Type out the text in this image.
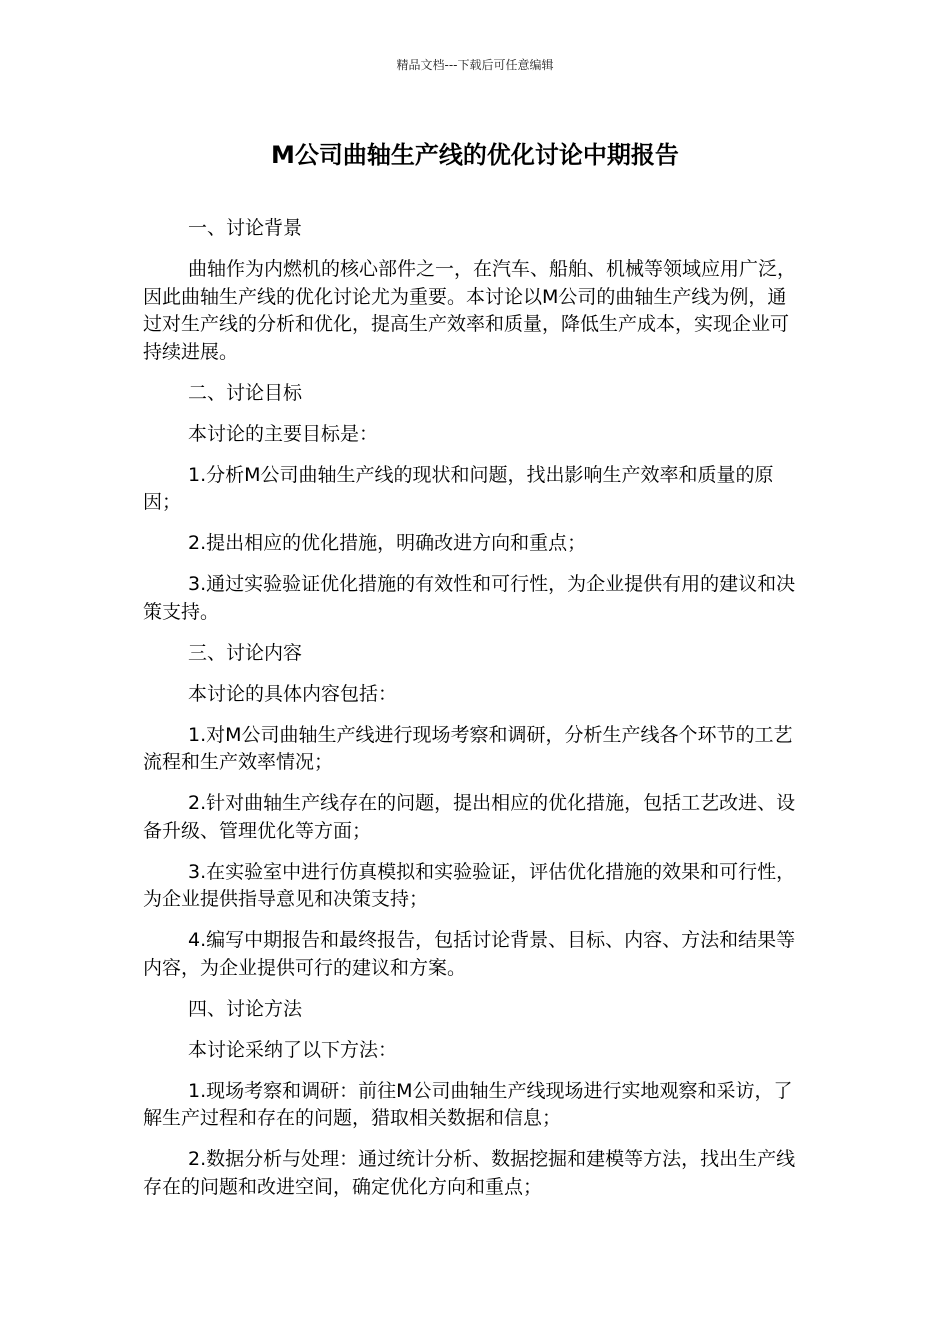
精品文档---下载后可任意编辑
M公司曲轴生产线的优化讨论中期报告

一、讨论背景

曲轴作为内燃机的核心部件之一，在汽车、船舶、机械等领域应用广泛，因此曲轴生产线的优化讨论尤为重要。本讨论以M公司的曲轴生产线为例，通过对生产线的分析和优化，提高生产效率和质量，降低生产成本，实现企业可持续进展。

二、讨论目标

本讨论的主要目标是：

1.分析M公司曲轴生产线的现状和问题，找出影响生产效率和质量的原因；

2.提出相应的优化措施，明确改进方向和重点；

3.通过实验验证优化措施的有效性和可行性，为企业提供有用的建议和决策支持。

三、讨论内容

本讨论的具体内容包括：

1.对M公司曲轴生产线进行现场考察和调研，分析生产线各个环节的工艺流程和生产效率情况；

2.针对曲轴生产线存在的问题，提出相应的优化措施，包括工艺改进、设备升级、管理优化等方面；

3.在实验室中进行仿真模拟和实验验证，评估优化措施的效果和可行性，为企业提供指导意见和决策支持；

4.编写中期报告和最终报告，包括讨论背景、目标、内容、方法和结果等内容，为企业提供可行的建议和方案。

四、讨论方法

本讨论采纳了以下方法：

1.现场考察和调研：前往M公司曲轴生产线现场进行实地观察和采访，了解生产过程和存在的问题，猎取相关数据和信息；

2.数据分析与处理：通过统计分析、数据挖掘和建模等方法，找出生产线存在的问题和改进空间，确定优化方向和重点；
